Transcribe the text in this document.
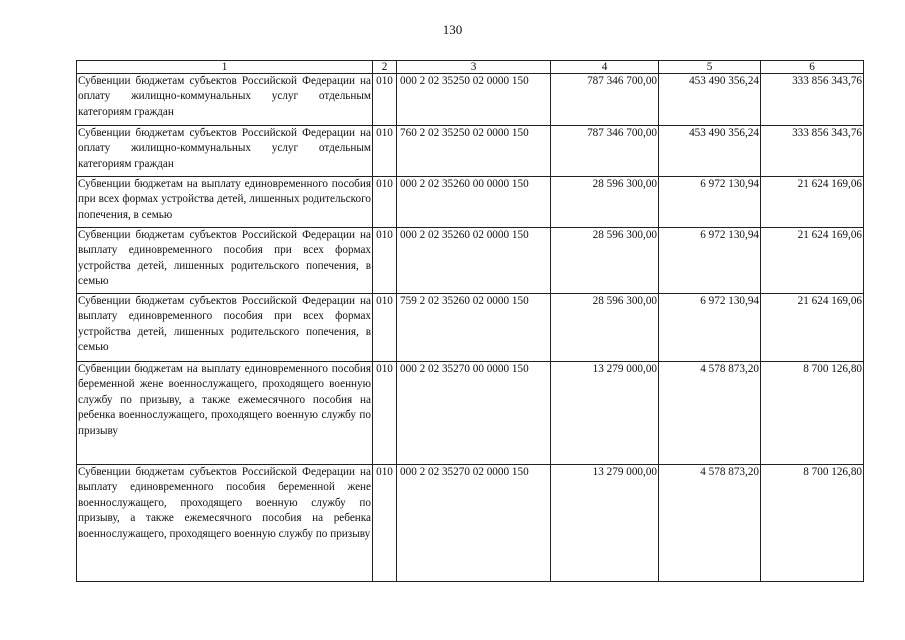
130
1	2	3	4	5	6
Субвенции бюджетам субъектов Российской Федерации на оплату жилищно-коммунальных услуг отдельным категориям граждан	010	000 2 02 35250 02 0000 150	787 346 700,00	453 490 356,24	333 856 343,76
Субвенции бюджетам субъектов Российской Федерации на оплату жилищно-коммунальных услуг отдельным категориям граждан	010	760 2 02 35250 02 0000 150	787 346 700,00	453 490 356,24	333 856 343,76
Субвенции бюджетам на выплату единовременного пособия при всех формах устройства детей, лишенных родительского попечения, в семью	010	000 2 02 35260 00 0000 150	28 596 300,00	6 972 130,94	21 624 169,06
Субвенции бюджетам субъектов Российской Федерации на выплату единовременного пособия при всех формах устройства детей, лишенных родительского попечения, в семью	010	000 2 02 35260 02 0000 150	28 596 300,00	6 972 130,94	21 624 169,06
Субвенции бюджетам субъектов Российской Федерации на выплату единовременного пособия при всех формах устройства детей, лишенных родительского попечения, в семью	010	759 2 02 35260 02 0000 150	28 596 300,00	6 972 130,94	21 624 169,06
Субвенции бюджетам на выплату единовременного пособия беременной жене военнослужащего, проходящего военную службу по призыву, а также ежемесячного пособия на ребенка военнослужащего, проходящего военную службу по призыву	010	000 2 02 35270 00 0000 150	13 279 000,00	4 578 873,20	8 700 126,80
Субвенции бюджетам субъектов Российской Федерации на выплату единовременного пособия беременной жене военнослужащего, проходящего военную службу по призыву, а также ежемесячного пособия на ребенка военнослужащего, проходящего военную службу по призыву	010	000 2 02 35270 02 0000 150	13 279 000,00	4 578 873,20	8 700 126,80
